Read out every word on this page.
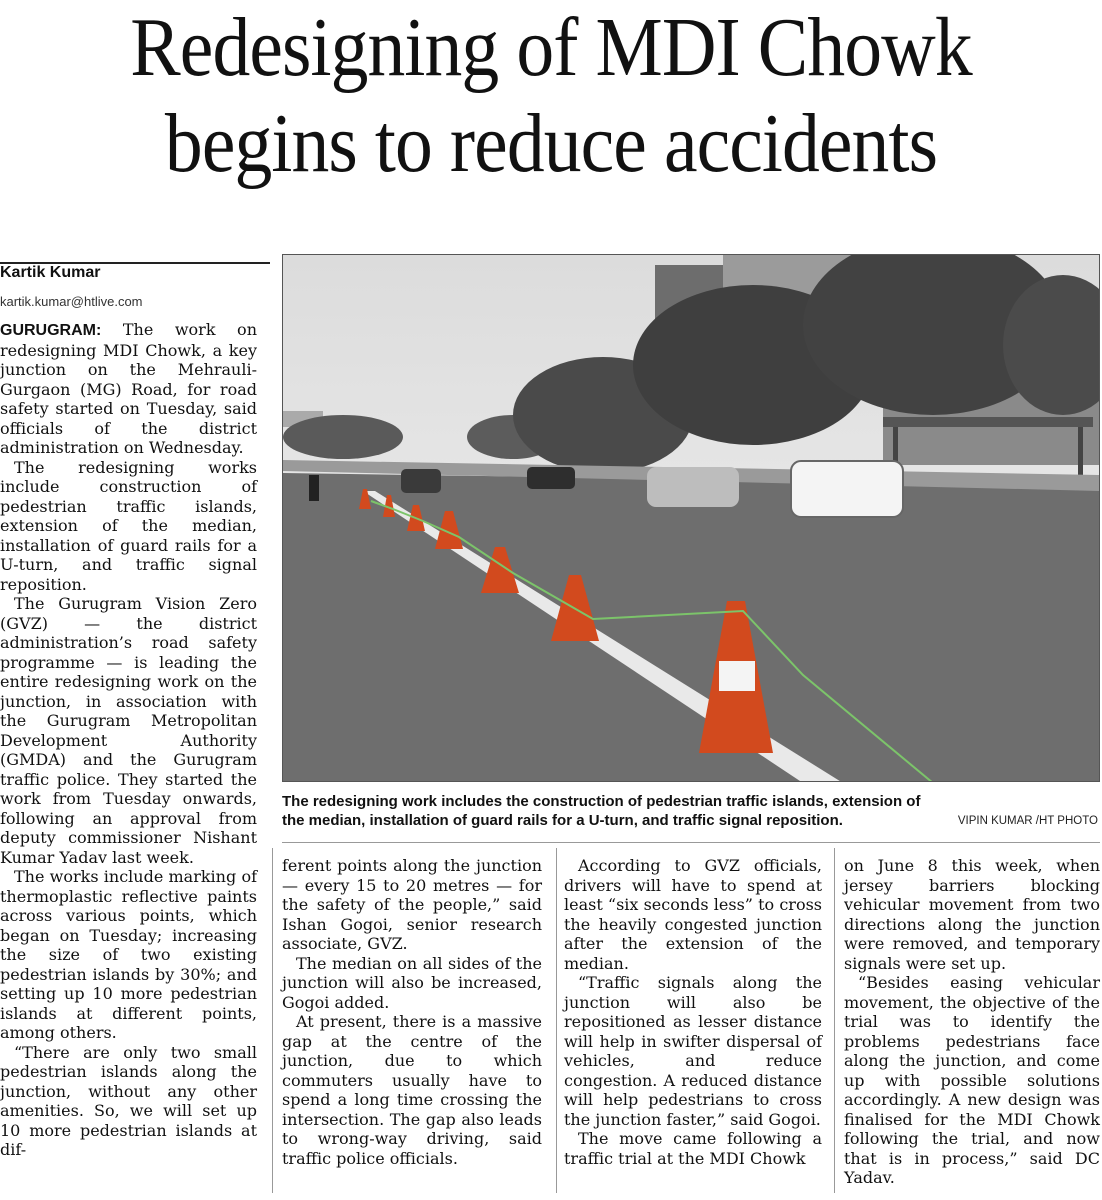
Redesigning of MDI Chowk
begins to reduce accidents
Kartik Kumar
kartik.kumar@htlive.com

GURUGRAM: The work on redesigning MDI Chowk, a key junction on the Mehrauli-Gurgaon (MG) Road, for road safety started on Tuesday, said officials of the district administration on Wednesday.

The redesigning works include construction of pedestrian traffic islands, extension of the median, installation of guard rails for a U-turn, and traffic signal reposition.

The Gurugram Vision Zero (GVZ) — the district administration’s road safety programme — is leading the entire redesigning work on the junction, in association with the Gurugram Metropolitan Development Authority (GMDA) and the Gurugram traffic police. They started the work from Tuesday onwards, following an approval from deputy commissioner Nishant Kumar Yadav last week.

The works include marking of thermoplastic reflective paints across various points, which began on Tuesday; increasing the size of two existing pedestrian islands by 30%; and setting up 10 more pedestrian islands at different points, among others.

“There are only two small pedestrian islands along the junction, without any other amenities. So, we will set up 10 more pedestrian islands at dif-

The redesigning work includes the construction of pedestrian traffic islands, extension of the median, installation of guard rails for a U-turn, and traffic signal reposition.	VIPIN KUMAR /HT PHOTO

ferent points along the junction — every 15 to 20 metres — for the safety of the people,” said Ishan Gogoi, senior research associate, GVZ.

The median on all sides of the junction will also be increased, Gogoi added.

At present, there is a massive gap at the centre of the junction, due to which commuters usually have to spend a long time crossing the intersection. The gap also leads to wrong-way driving, said traffic police officials.

According to GVZ officials, drivers will have to spend at least “six seconds less” to cross the heavily congested junction after the extension of the median.

“Traffic signals along the junction will also be repositioned as lesser distance will help in swifter dispersal of vehicles, and reduce congestion. A reduced distance will help pedestrians to cross the junction faster,” said Gogoi.

The move came following a traffic trial at the MDI Chowk

on June 8 this week, when jersey barriers blocking vehicular movement from two directions along the junction were removed, and temporary signals were set up.

“Besides easing vehicular movement, the objective of the trial was to identify the problems pedestrians face along the junction, and come up with possible solutions accordingly. A new design was finalised for the MDI Chowk following the trial, and now that is in process,” said DC Yadav.
